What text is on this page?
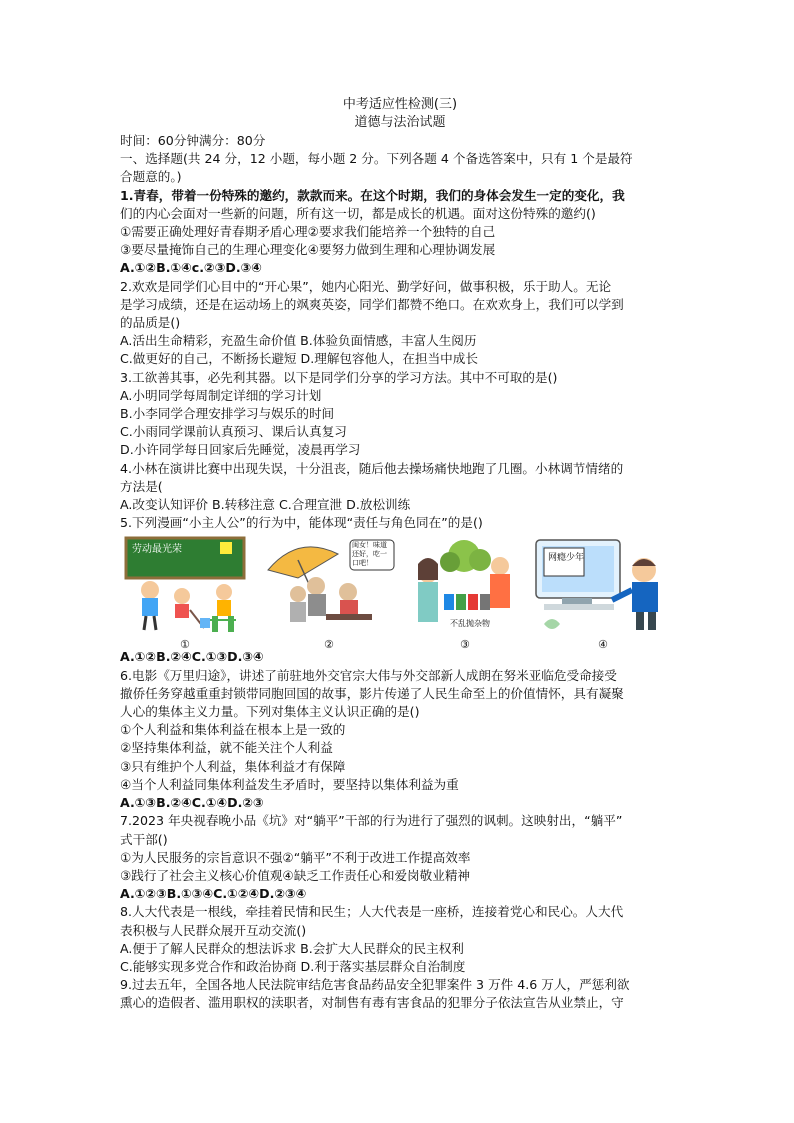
中考适应性检测(三)
道德与法治试题
时间：60分钟满分：80分
一、选择题(共 24 分，12 小题，每小题 2 分。下列各题 4 个备选答案中，只有 1 个是最符
合题意的。)
1.青春，带着一份特殊的邀约，款款而来。在这个时期，我们的身体会发生一定的变化，我
们的内心会面对一些新的问题，所有这一切，都是成长的机遇。面对这份特殊的邀约()
①需要正确处理好青春期矛盾心理②要求我们能培养一个独特的自己
③要尽量掩饰自己的生理心理变化④要努力做到生理和心理协调发展
A.①②B.①④c.②③D.③④
2.欢欢是同学们心目中的“开心果”，她内心阳光、勤学好问，做事积极，乐于助人。无论
是学习成绩，还是在运动场上的飒爽英姿，同学们都赞不绝口。在欢欢身上，我们可以学到
的品质是()
A.活出生命精彩，充盈生命价值 B.体验负面情感，丰富人生阅历
C.做更好的自己，不断扬长避短 D.理解包容他人，在担当中成长
3.工欲善其事，必先利其器。以下是同学们分享的学习方法。其中不可取的是()
A.小明同学每周制定详细的学习计划
B.小李同学合理安排学习与娱乐的时间
C.小雨同学课前认真预习、课后认真复习
D.小许同学每日回家后先睡觉，凌晨再学习
4.小林在演讲比赛中出现失误，十分沮丧，随后他去操场痛快地跑了几圈。小林调节情绪的
方法是(
A.改变认知评价 B.转移注意 C.合理宣泄 D.放松训练
5.下列漫画“小主人公”的行为中，能体现“责任与角色同在”的是()
劳动最光荣	闺女！味道还好，吃一口吧！
不乱抛杂物
网瘾少年
①	②	③	④
A.①②B.②④C.①③D.③④
6.电影《万里归途》，讲述了前驻地外交官宗大伟与外交部新人成朗在努米亚临危受命接受
撤侨任务穿越重重封锁带同胞回国的故事，影片传递了人民生命至上的价值情怀，具有凝聚
人心的集体主义力量。下列对集体主义认识正确的是()
①个人利益和集体利益在根本上是一致的
②坚持集体利益，就不能关注个人利益
③只有维护个人利益，集体利益才有保障
④当个人利益同集体利益发生矛盾时，要坚持以集体利益为重
A.①③B.②④C.①④D.②③
7.2023 年央视春晚小品《坑》对“躺平”干部的行为进行了强烈的讽刺。这映射出，“躺平”
式干部()
①为人民服务的宗旨意识不强②“躺平”不利于改进工作提高效率
③践行了社会主义核心价值观④缺乏工作责任心和爱岗敬业精神
A.①②③B.①③④C.①②④D.②③④
8.人大代表是一根线，牵挂着民情和民生；人大代表是一座桥，连接着党心和民心。人大代
表积极与人民群众展开互动交流()
A.便于了解人民群众的想法诉求 B.会扩大人民群众的民主权利
C.能够实现多党合作和政治协商 D.利于落实基层群众自治制度
9.过去五年，全国各地人民法院审结危害食品药品安全犯罪案件 3 万件 4.6 万人，严惩利欲
熏心的造假者、滥用职权的渎职者，对制售有毒有害食品的犯罪分子依法宣告从业禁止，守
